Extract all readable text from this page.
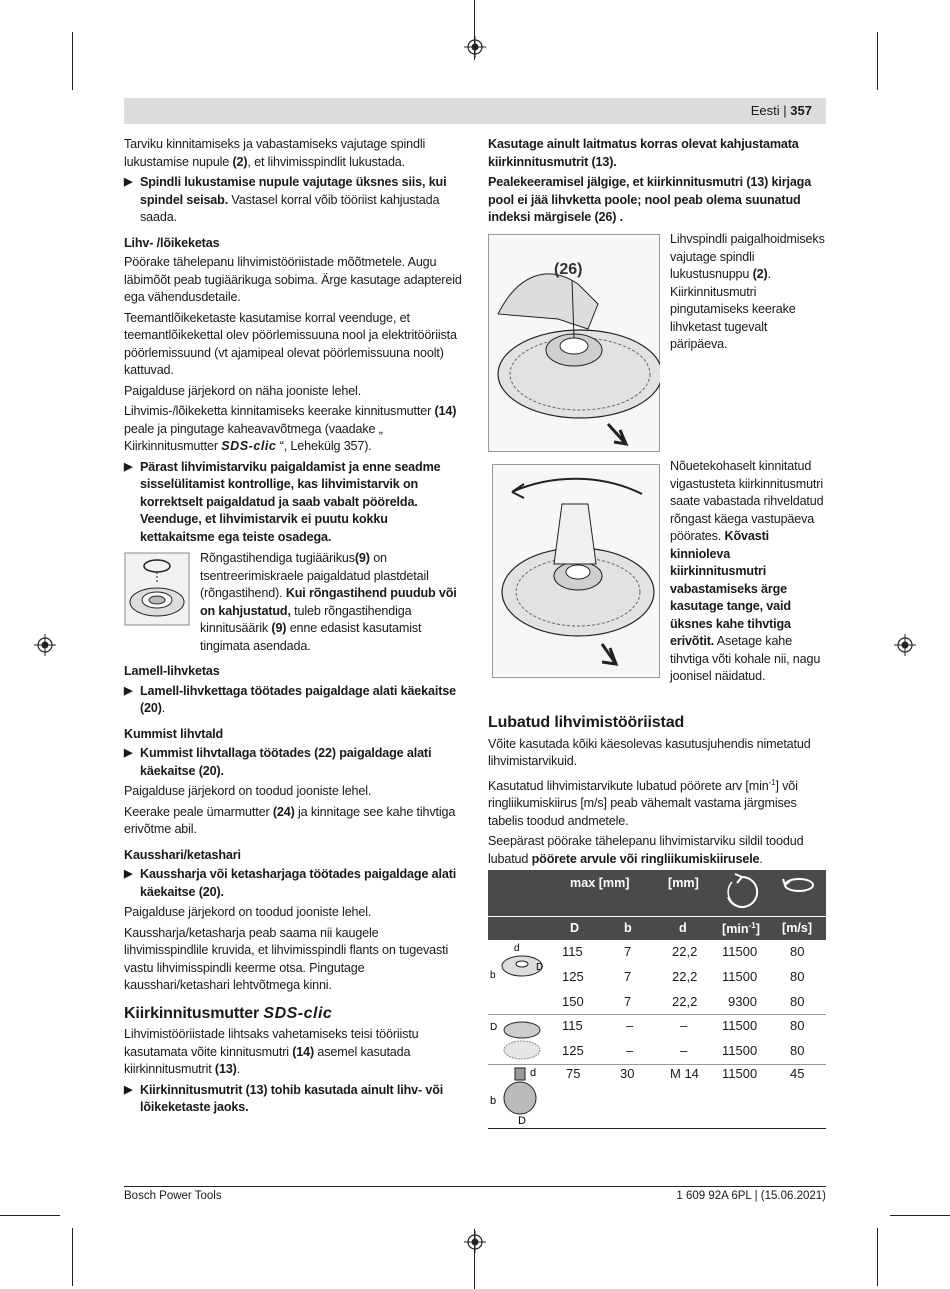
Eesti | 357

Tarviku kinnitamiseks ja vabastamiseks vajutage spindli lukustamise nupule (2), et lihvimisspindlit lukustada.

▶ Spindli lukustamise nupule vajutage üksnes siis, kui spindel seisab. Vastasel korral võib tööriist kahjustada saada.
Lihv- /lõikeketas

Pöörake tähelepanu lihvimistööriistade mõõtmetele. Augu läbimõõt peab tugiäärikuga sobima. Ärge kasutage adaptereid ega vähendusdetaile.

Teemantlõikeketaste kasutamise korral veenduge, et teemantlõikekettal olev pöörlemissuuna nool ja elektritööriista pöörlemissuund (vt ajamipeal olevat pöörlemissuuna noolt) kattuvad.

Paigalduse järjekord on näha jooniste lehel.

Lihvimis-/lõikeketta kinnitamiseks keerake kinnitusmutter (14) peale ja pingutage kaheavavõtmega (vaadake „ Kiirkinnitusmutter SDS-clic “, Lehekülg 357).

▶ Pärast lihvimistarviku paigaldamist ja enne seadme sisselülitamist kontrollige, kas lihvimistarvik on korrektselt paigaldatud ja saab vabalt pöörelda. Veenduge, et lihvimistarvik ei puutu kokku kettakaitsme ega teiste osadega.

Rõngastihendiga tugiäärikus(9) on tsentreerimiskraele paigaldatud plastdetail (rõngastihend). Kui rõngastihend puudub või on kahjustatud, tuleb rõngastihendiga kinnitusäärik (9) enne edasist kasutamist tingimata asendada.

Lamell-lihvketas
▶ Lamell-lihvkettaga töötades paigaldage alati käekaitse (20).
Kummist lihvtald
▶ Kummist lihvtallaga töötades (22) paigaldage alati käekaitse (20).

Paigalduse järjekord on toodud jooniste lehel.

Keerake peale ümarmutter (24) ja kinnitage see kahe tihvtiga erivõtme abil.

Kausshari/ketashari
▶ Kaussharja või ketasharjaga töötades paigaldage alati käekaitse (20).

Paigalduse järjekord on toodud jooniste lehel.

Kaussharja/ketasharja peab saama nii kaugele lihvimisspindlile kruvida, et lihvimisspindli flants on tugevasti vastu lihvimisspindli keerme otsa. Pingutage kausshari/ketashari lehtvõtmega kinni.

Kiirkinnitusmutter SDS-clic

Lihvimistööriistade lihtsaks vahetamiseks teisi tööriistu kasutamata võite kinnitusmutri (14) asemel kasutada kiirkinnitusmutrit (13).

▶ Kiirkinnitusmutrit (13) tohib kasutada ainult lihv- või lõikeketaste jaoks.

Kasutage ainult laitmatus korras olevat kahjustamata kiirkinnitusmutrit (13).

Pealekeeramisel jälgige, et kiirkinnitusmutri (13) kirjaga pool ei jää lihvketta poole; nool peab olema suunatud indeksi märgisele (26) .

(26)

Lihvspindli paigalhoidmiseks vajutage spindli lukustusnuppu (2). Kiirkinnitusmutri pingutamiseks keerake lihvketast tugevalt päripäeva.

Nõuetekohaselt kinnitatud vigastusteta kiirkinnitusmutri saate vabastada rihveldatud rõngast käega vastupäeva pöörates. Kõvasti kinnioleva kiirkinnitusmutri vabastamiseks ärge kasutage tange, vaid üksnes kahe tihvtiga erivõtit. Asetage kahe tihvtiga võti kohale nii, nagu joonisel näidatud.

Lubatud lihvimistööriistad

Võite kasutada kõiki käesolevas kasutusjuhendis nimetatud lihvimistarvikuid.

Kasutatud lihvimistarvikute lubatud pöörete arv $[\min^{-1}]$ või ringliikumiskiirus [m/s] peab vähemalt vastama järgmises tabelis toodud andmetele.

Seepärast pöörake tähelepanu lihvimistarviku sildil toodud lubatud pöörete arvule või ringliikumiskiirusele.

max [mm]	[mm]
D	b	d	$[\min^{-1}]$ [m/s]
d
D
b
D
d
b
D
115	7	22,2 11500	80
125	7	22,2 11500	80
150	7	22,2 9300	80
115	–	–	11500	80
125	–	–	11500	80
75	30	M 14 11500	45
Bosch Power Tools	1 609 92A 6PL | (15.06.2021)
